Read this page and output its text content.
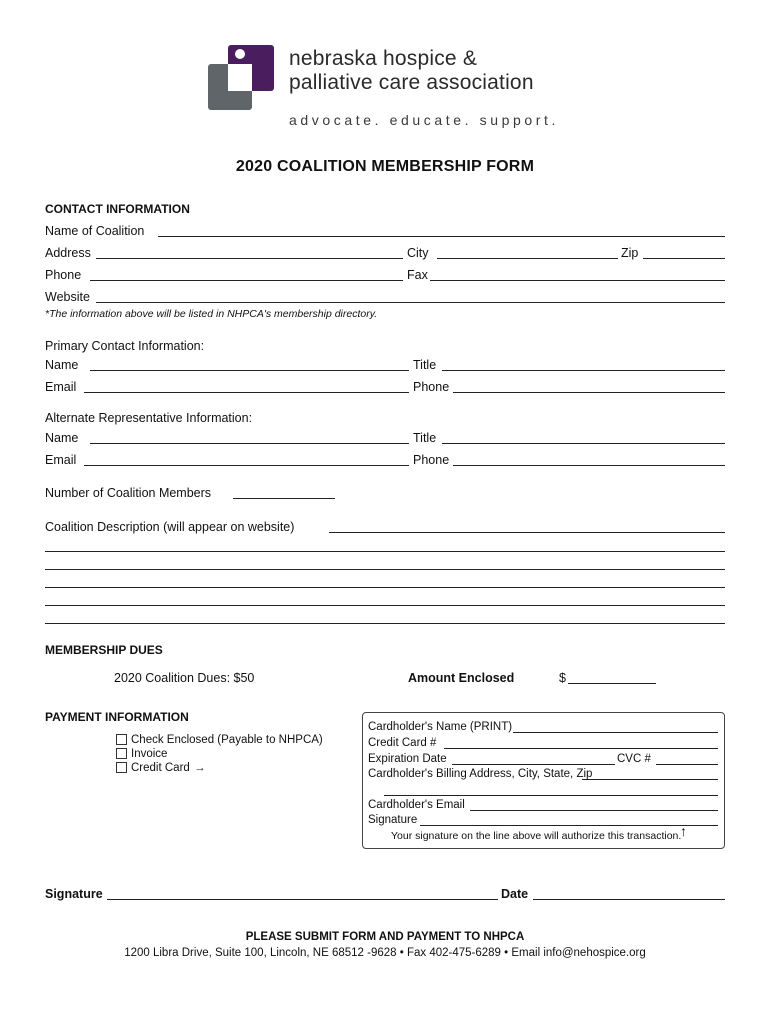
nebraska hospice &
palliative care association
advocate. educate. support.
2020 COALITION MEMBERSHIP FORM
CONTACT INFORMATION
Name of Coalition
Address	City	Zip
Phone	Fax
Website
*The information above will be listed in NHPCA's membership directory.
Primary Contact Information:
Name	Title
Email	Phone
Alternate Representative Information:
Name	Title
Email	Phone
Number of Coalition Members
Coalition Description (will appear on website)
MEMBERSHIP DUES
2020 Coalition Dues: $50	Amount Enclosed	$
PAYMENT INFORMATION
Check Enclosed (Payable to NHPCA)
Invoice
Credit Card →
Cardholder's Name (PRINT)
Credit Card #
Expiration Date	CVC #
Cardholder's Billing Address, City, State, Zip
Cardholder's Email
Signature
Your signature on the line above will authorize this transaction.
↑
Signature	Date
PLEASE SUBMIT FORM AND PAYMENT TO NHPCA
1200 Libra Drive, Suite 100, Lincoln, NE 68512 -9628 • Fax 402-475-6289 • Email info@nehospice.org
